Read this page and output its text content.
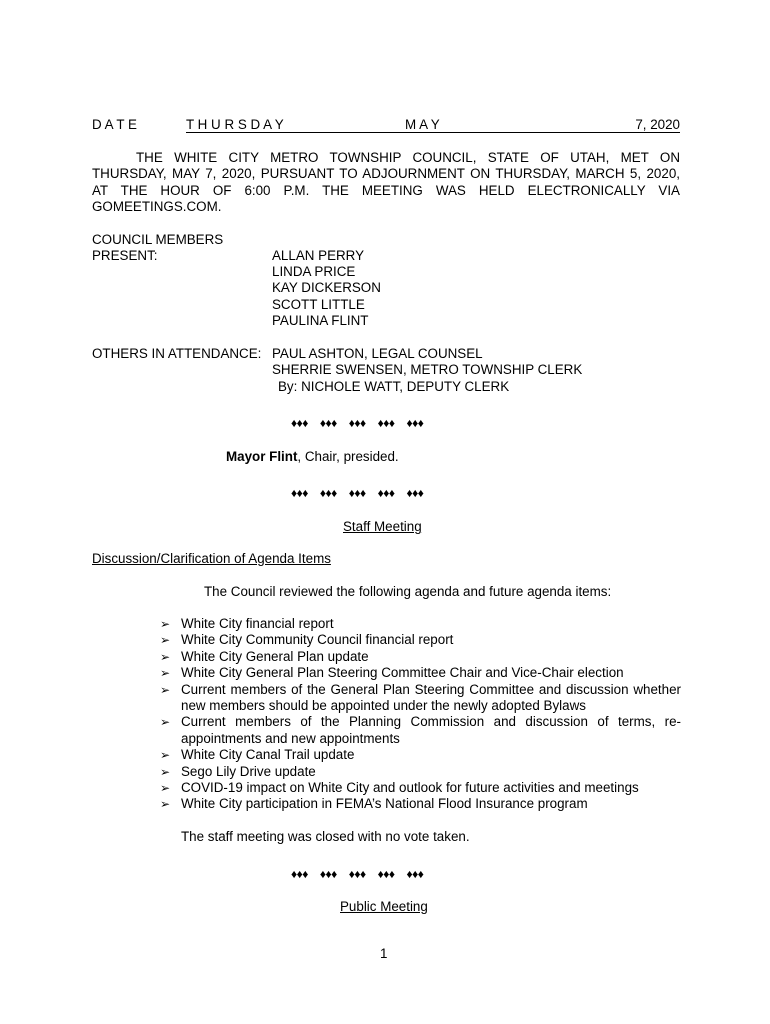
D A T E	T H U R S D A Y	M A Y	7, 2020
THE WHITE CITY METRO TOWNSHIP COUNCIL, STATE OF UTAH, MET ON
THURSDAY, MAY 7, 2020, PURSUANT TO ADJOURNMENT ON THURSDAY, MARCH 5, 2020,
AT THE HOUR OF 6:00 P.M. THE MEETING WAS HELD ELECTRONICALLY VIA
GOMEETINGS.COM.
COUNCIL MEMBERS
PRESENT:	ALLAN PERRY
LINDA PRICE
KAY DICKERSON
SCOTT LITTLE
PAULINA FLINT
OTHERS IN ATTENDANCE: PAUL ASHTON, LEGAL COUNSEL
SHERRIE SWENSEN, METRO TOWNSHIP CLERK
By: NICHOLE WATT, DEPUTY CLERK
♦♦♦ ♦♦♦ ♦♦♦ ♦♦♦ ♦♦♦
Mayor Flint, Chair, presided.
♦♦♦ ♦♦♦ ♦♦♦ ♦♦♦ ♦♦♦
Staff Meeting
Discussion/Clarification of Agenda Items
The Council reviewed the following agenda and future agenda items:
➢ White City financial report
➢ White City Community Council financial report
➢ White City General Plan update
➢ White City General Plan Steering Committee Chair and Vice-Chair election
➢ Current members of the General Plan Steering Committee and discussion whether
new members should be appointed under the newly adopted Bylaws
➢ Current members of the Planning Commission and discussion of terms, re-
appointments and new appointments
➢ White City Canal Trail update
➢ Sego Lily Drive update
➢ COVID-19 impact on White City and outlook for future activities and meetings
➢ White City participation in FEMA’s National Flood Insurance program
The staff meeting was closed with no vote taken.
♦♦♦ ♦♦♦ ♦♦♦ ♦♦♦ ♦♦♦
Public Meeting
1
